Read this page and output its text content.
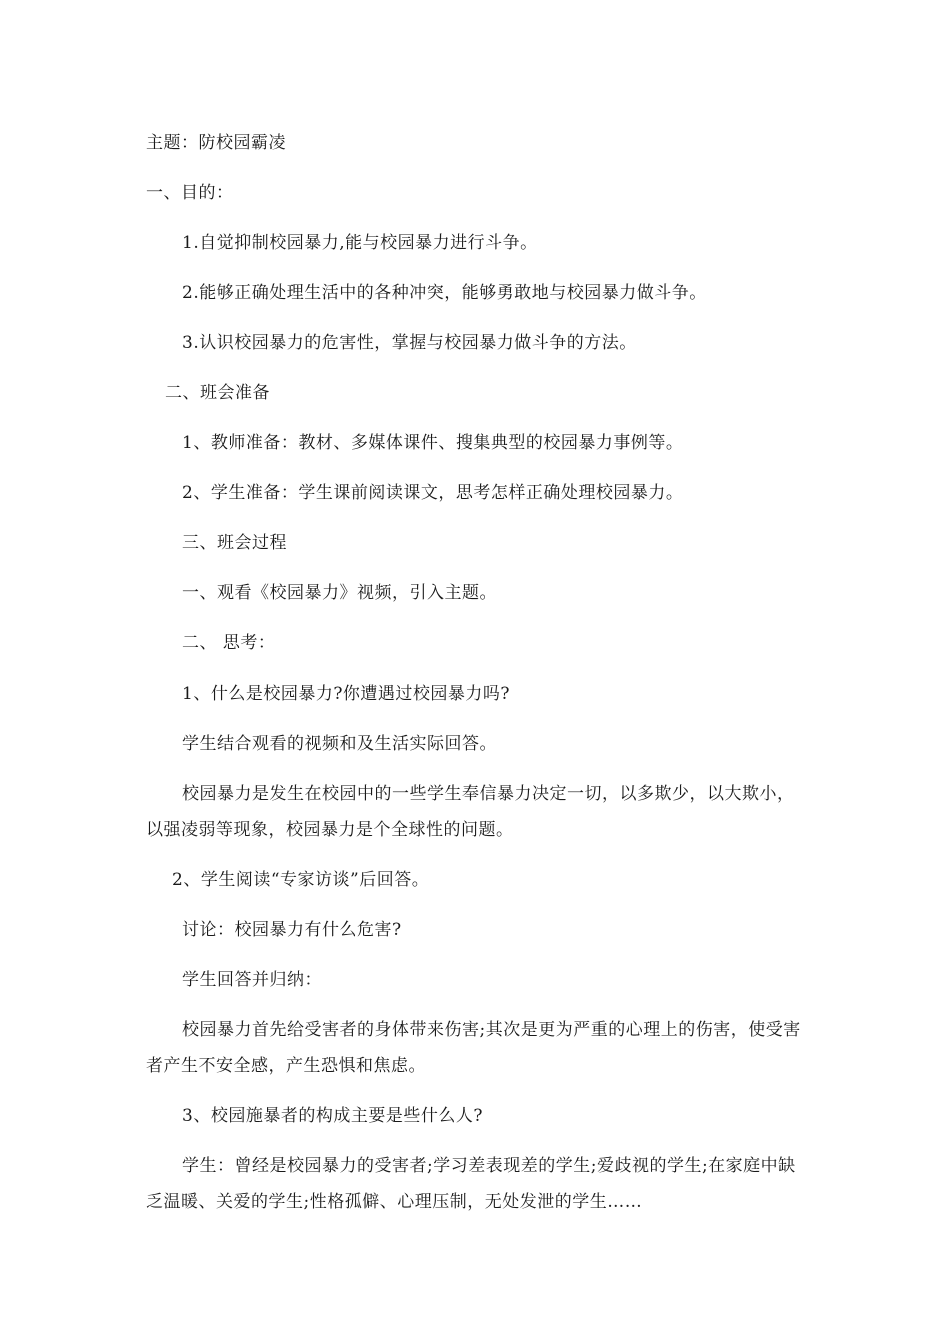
主题：防校园霸凌
一、目的：
1.自觉抑制校园暴力,能与校园暴力进行斗争。
2.能够正确处理生活中的各种冲突，能够勇敢地与校园暴力做斗争。
3.认识校园暴力的危害性，掌握与校园暴力做斗争的方法。
二、班会准备
1、教师准备：教材、多媒体课件、搜集典型的校园暴力事例等。
2、学生准备：学生课前阅读课文，思考怎样正确处理校园暴力。
三、班会过程
一、观看《校园暴力》视频，引入主题。
二、 思考：
1、什么是校园暴力?你遭遇过校园暴力吗?
学生结合观看的视频和及生活实际回答。

校园暴力是发生在校园中的一些学生奉信暴力决定一切，以多欺少，以大欺小，以强凌弱等现象，校园暴力是个全球性的问题。

2、学生阅读“专家访谈”后回答。
讨论：校园暴力有什么危害?
学生回答并归纳：

校园暴力首先给受害者的身体带来伤害;其次是更为严重的心理上的伤害，使受害者产生不安全感，产生恐惧和焦虑。

3、校园施暴者的构成主要是些什么人?

学生：曾经是校园暴力的受害者;学习差表现差的学生;爱歧视的学生;在家庭中缺乏温暖、关爱的学生;性格孤僻、心理压制，无处发泄的学生……
